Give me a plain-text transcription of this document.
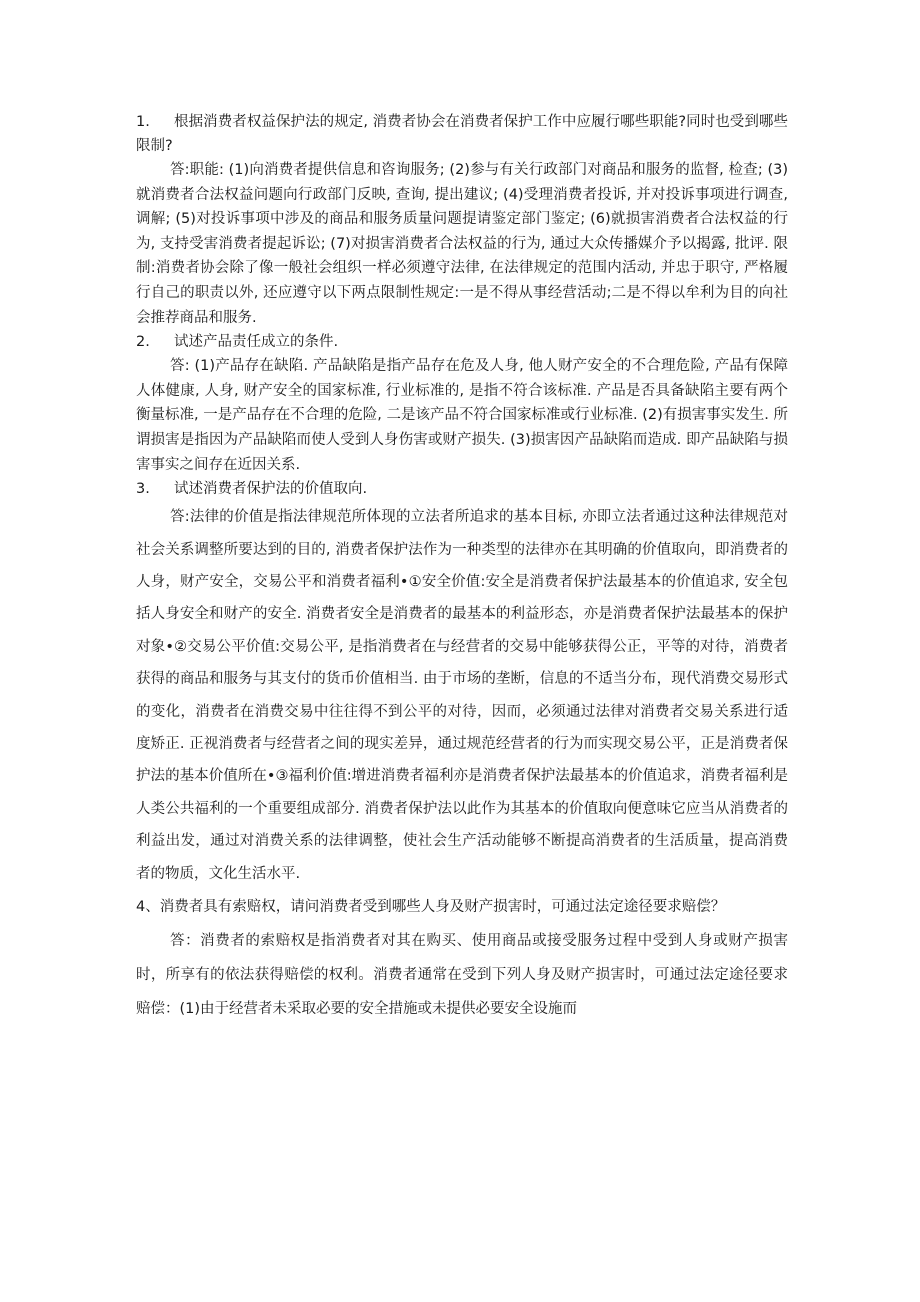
1. 根据消费者权益保护法的规定, 消费者协会在消费者保护工作中应履行哪些职能?同时也受到哪些限制?

答:职能: (1)向消费者提供信息和咨询服务; (2)参与有关行政部门对商品和服务的监督, 检查; (3)就消费者合法权益问题向行政部门反映, 查询, 提出建议; (4)受理消费者投诉, 并对投诉事项进行调查, 调解; (5)对投诉事项中涉及的商品和服务质量问题提请鉴定部门鉴定; (6)就损害消费者合法权益的行为, 支持受害消费者提起诉讼; (7)对损害消费者合法权益的行为, 通过大众传播媒介予以揭露, 批评. 限制:消费者协会除了像一般社会组织一样必须遵守法律, 在法律规定的范围内活动, 并忠于职守, 严格履行自己的职责以外, 还应遵守以下两点限制性规定:一是不得从事经营活动;二是不得以牟利为目的向社会推荐商品和服务.

2. 试述产品责任成立的条件.

答: (1)产品存在缺陷. 产品缺陷是指产品存在危及人身, 他人财产安全的不合理危险, 产品有保障人体健康, 人身, 财产安全的国家标准, 行业标准的, 是指不符合该标准. 产品是否具备缺陷主要有两个衡量标准, 一是产品存在不合理的危险, 二是该产品不符合国家标准或行业标准. (2)有损害事实发生. 所谓损害是指因为产品缺陷而使人受到人身伤害或财产损失. (3)损害因产品缺陷而造成. 即产品缺陷与损害事实之间存在近因关系.

3. 试述消费者保护法的价值取向.

答:法律的价值是指法律规范所体现的立法者所追求的基本目标, 亦即立法者通过这种法律规范对社会关系调整所要达到的目的, 消费者保护法作为一种类型的法律亦在其明确的价值取向，即消费者的人身，财产安全，交易公平和消费者福利•①安全价值:安全是消费者保护法最基本的价值追求, 安全包括人身安全和财产的安全. 消费者安全是消费者的最基本的利益形态，亦是消费者保护法最基本的保护对象•②交易公平价值:交易公平, 是指消费者在与经营者的交易中能够获得公正，平等的对待，消费者获得的商品和服务与其支付的货币价值相当. 由于市场的垄断，信息的不适当分布，现代消费交易形式的变化，消费者在消费交易中往往得不到公平的对待，因而，必须通过法律对消费者交易关系进行适度矫正. 正视消费者与经营者之间的现实差异，通过规范经营者的行为而实现交易公平，正是消费者保护法的基本价值所在•③福利价值:增进消费者福利亦是消费者保护法最基本的价值追求，消费者福利是人类公共福利的一个重要组成部分. 消费者保护法以此作为其基本的价值取向便意味它应当从消费者的利益出发，通过对消费关系的法律调整，使社会生产活动能够不断提高消费者的生活质量，提高消费者的物质，文化生活水平.

4、消费者具有索赔权，请问消费者受到哪些人身及财产损害时，可通过法定途径要求赔偿？

答：消费者的索赔权是指消费者对其在购买、使用商品或接受服务过程中受到人身或财产损害时，所享有的依法获得赔偿的权利。消费者通常在受到下列人身及财产损害时，可通过法定途径要求赔偿：(1)由于经营者未采取必要的安全措施或未提供必要安全设施而
